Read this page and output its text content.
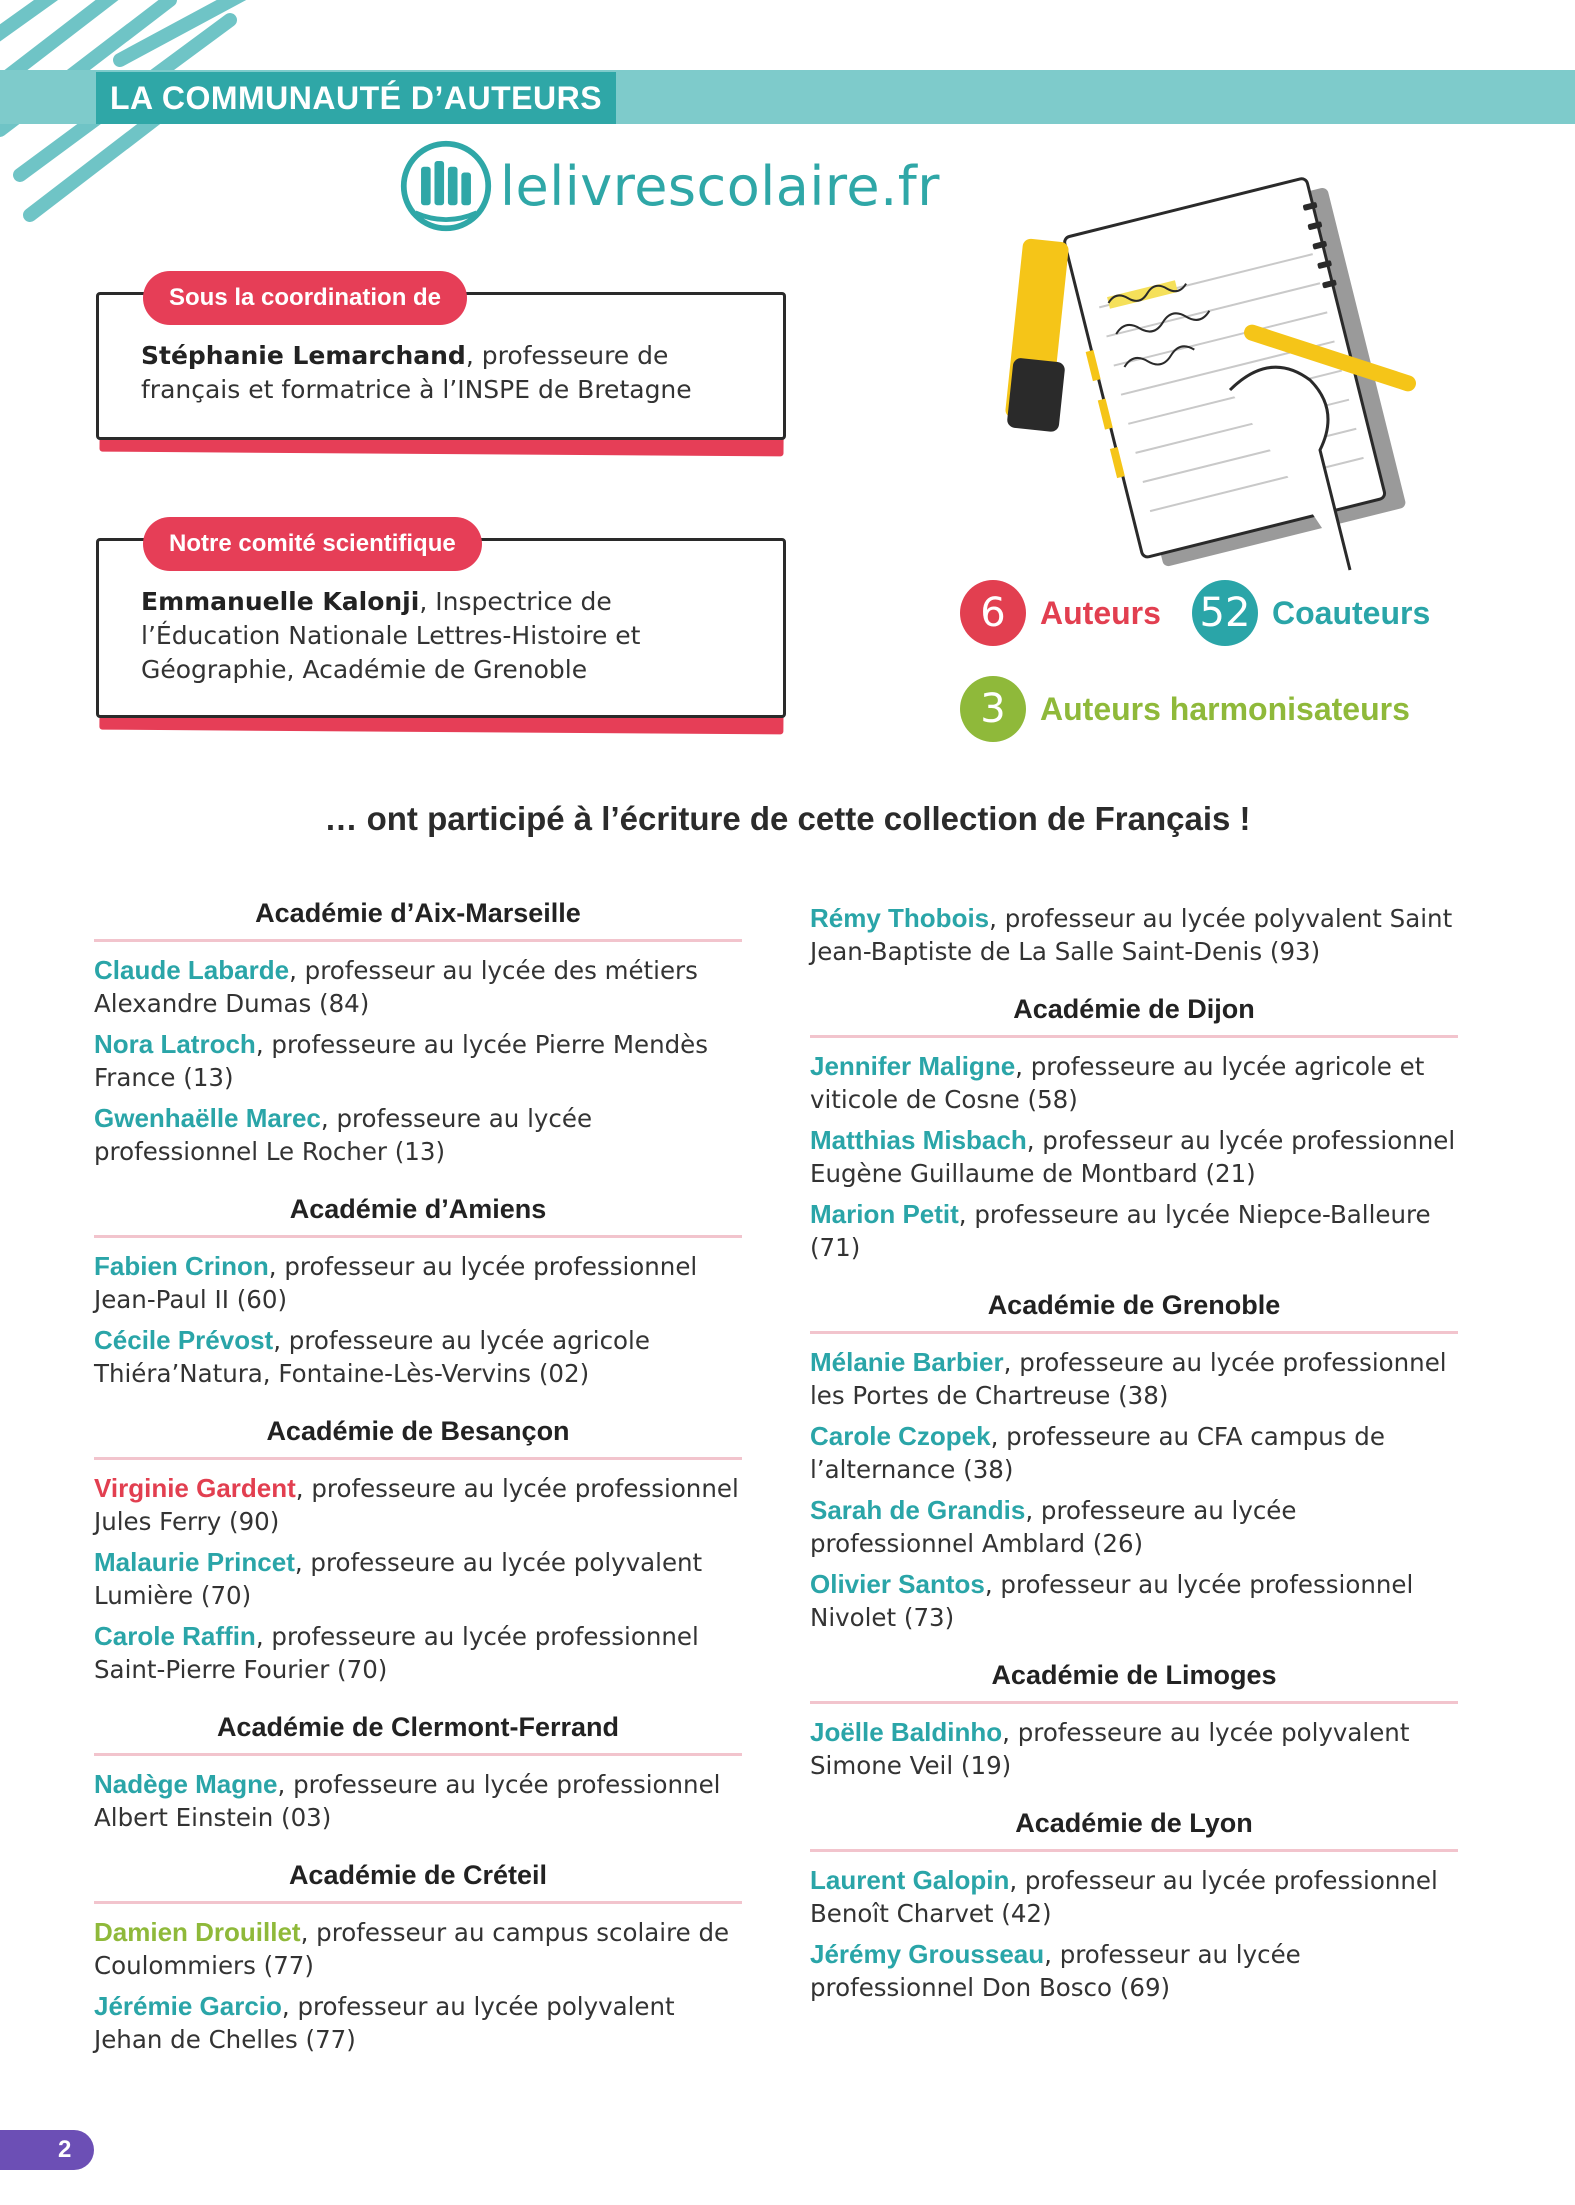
LA COMMUNAUTÉ D’AUTEURS
lelivrescolaire.fr
Sous la coordination de
Stéphanie Lemarchand, professeure de français et formatrice à l’INSPE de Bretagne
Notre comité scientifique
Emmanuelle Kalonji, Inspectrice de l’Éducation Nationale Lettres-Histoire et Géographie, Académie de Grenoble
6	Auteurs 52 Coauteurs
3	Auteurs harmonisateurs
… ont participé à l’écriture de cette collection de Français !
Académie d’Aix-Marseille
Claude Labarde, professeur au lycée des métiers Alexandre Dumas (84)
Nora Latroch, professeure au lycée Pierre Mendès France (13)
Gwenhaëlle Marec, professeure au lycée professionnel Le Rocher (13)
Académie d’Amiens
Fabien Crinon, professeur au lycée professionnel Jean-Paul II (60)
Cécile Prévost, professeure au lycée agricole Thiéra’Natura, Fontaine-Lès-Vervins (02)
Académie de Besançon
Virginie Gardent, professeure au lycée professionnel Jules Ferry (90)
Malaurie Princet, professeure au lycée polyvalent Lumière (70)
Carole Raffin, professeure au lycée professionnel Saint-Pierre Fourier (70)
Académie de Clermont-Ferrand
Nadège Magne, professeure au lycée professionnel Albert Einstein (03)
Académie de Créteil
Damien Drouillet, professeur au campus scolaire de Coulommiers (77)
Jérémie Garcio, professeur au lycée polyvalent Jehan de Chelles (77)
Rémy Thobois, professeur au lycée polyvalent Saint Jean-Baptiste de La Salle Saint-Denis (93)
Académie de Dijon
Jennifer Maligne, professeure au lycée agricole et viticole de Cosne (58)
Matthias Misbach, professeur au lycée professionnel Eugène Guillaume de Montbard (21)
Marion Petit, professeure au lycée Niepce-Balleure (71)
Académie de Grenoble
Mélanie Barbier, professeure au lycée professionnel les Portes de Chartreuse (38)
Carole Czopek, professeure au CFA campus de l’alternance (38)
Sarah de Grandis, professeure au lycée professionnel Amblard (26)
Olivier Santos, professeur au lycée professionnel Nivolet (73)
Académie de Limoges
Joëlle Baldinho, professeure au lycée polyvalent Simone Veil (19)
Académie de Lyon
Laurent Galopin, professeur au lycée professionnel Benoît Charvet (42)
Jérémy Grousseau, professeur au lycée professionnel Don Bosco (69)
2
